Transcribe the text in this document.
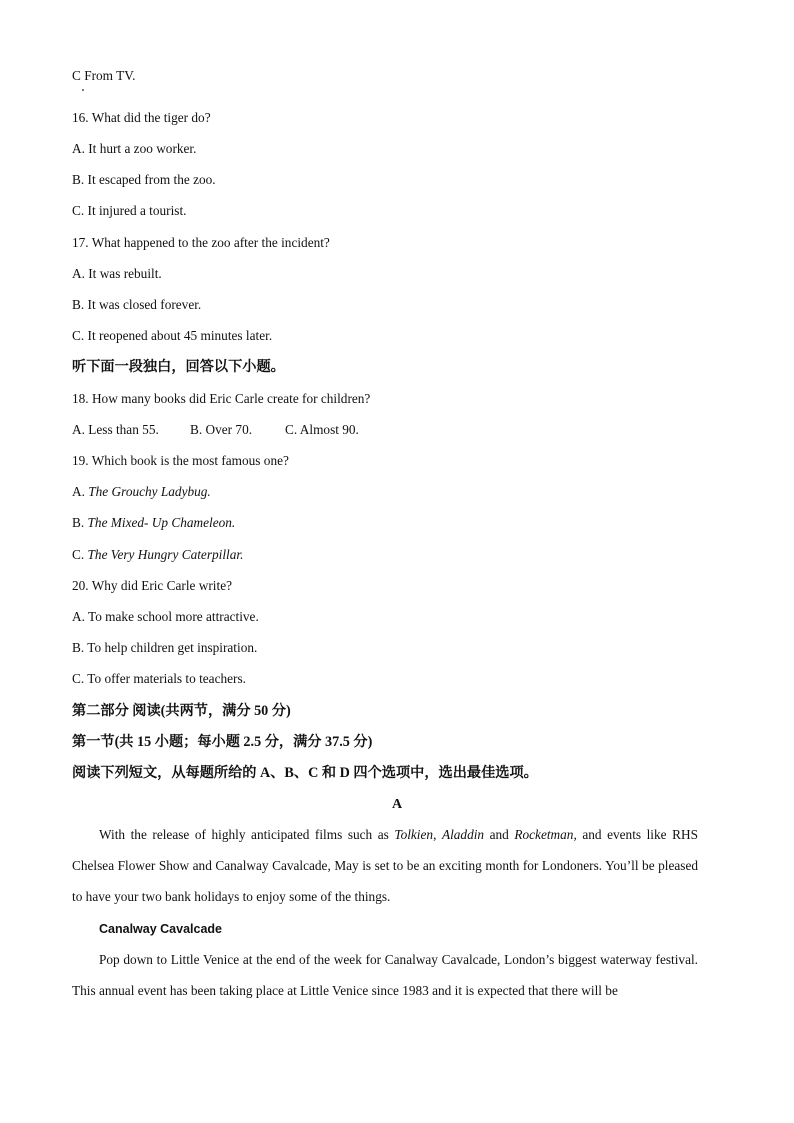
C From TV.
16. What did the tiger do?
A. It hurt a zoo worker.
B. It escaped from the zoo.
C. It injured a tourist.
17. What happened to the zoo after the incident?
A. It was rebuilt.
B. It was closed forever.
C. It reopened about 45 minutes later.
听下面一段独白，回答以下小题。
18. How many books did Eric Carle create for children?
A. Less than 55. B. Over 70. C. Almost 90.
19. Which book is the most famous one?
A. The Grouchy Ladybug.
B. The Mixed- Up Chameleon.
C. The Very Hungry Caterpillar.
20. Why did Eric Carle write?
A. To make school more attractive.
B. To help children get inspiration.
C. To offer materials to teachers.
第二部分 阅读(共两节，满分 50 分)
第一节(共 15 小题；每小题 2.5 分，满分 37.5 分)
阅读下列短文，从每题所给的 A、B、C 和 D 四个选项中，选出最佳选项。
A
With the release of highly anticipated films such as Tolkien, Aladdin and Rocketman, and events like RHS Chelsea Flower Show and Canalway Cavalcade, May is set to be an exciting month for Londoners. You’ll be pleased to have your two bank holidays to enjoy some of the things.
Canalway Cavalcade
Pop down to Little Venice at the end of the week for Canalway Cavalcade, London’s biggest waterway festival. This annual event has been taking place at Little Venice since 1983 and it is expected that there will be
